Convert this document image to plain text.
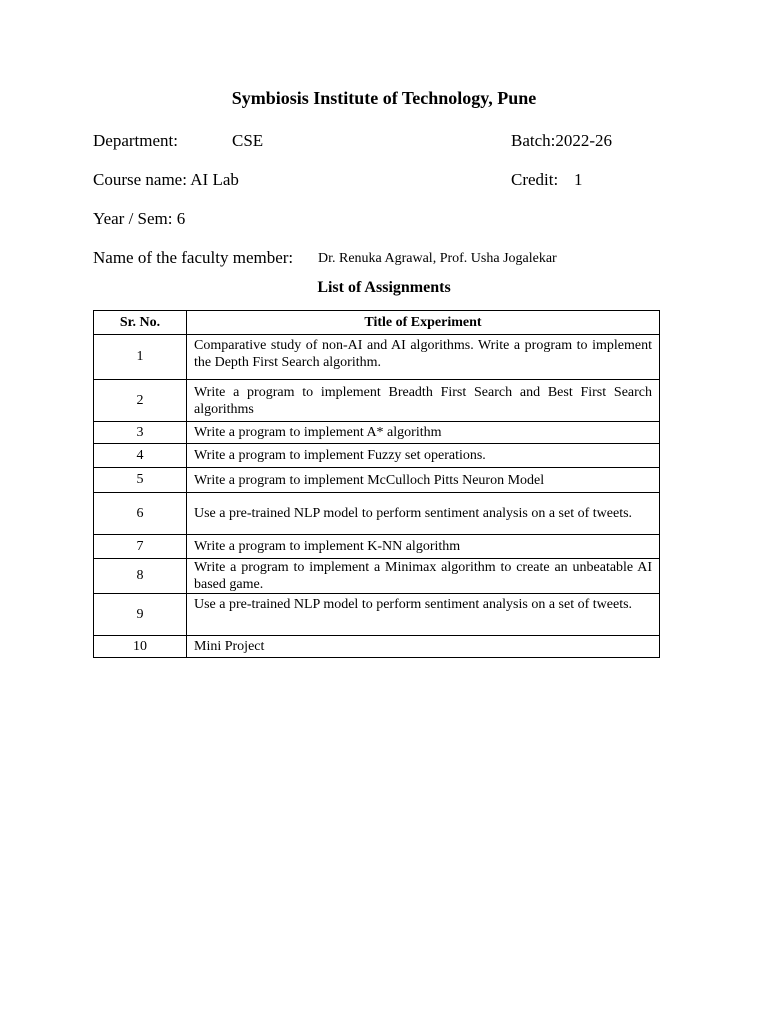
Symbiosis Institute of Technology, Pune
Department:	CSE	Batch:2022-26
Course name: AI Lab	Credit: 1
Year / Sem: 6
Name of the faculty member: Dr. Renuka Agrawal, Prof. Usha Jogalekar
List of Assignments
Sr. No.	Title of Experiment
1	Comparative study of non-AI and AI algorithms. Write a program to implement the Depth First Search algorithm.
2	Write a program to implement Breadth First Search and Best First Search algorithms
3	Write a program to implement A* algorithm
4	Write a program to implement Fuzzy set operations.
5	Write a program to implement McCulloch Pitts Neuron Model
6	Use a pre-trained NLP model to perform sentiment analysis on a set of tweets.
7	Write a program to implement K-NN algorithm
8	Write a program to implement a Minimax algorithm to create an unbeatable AI based game.
9	Use a pre-trained NLP model to perform sentiment analysis on a set of tweets.
10	Mini Project
